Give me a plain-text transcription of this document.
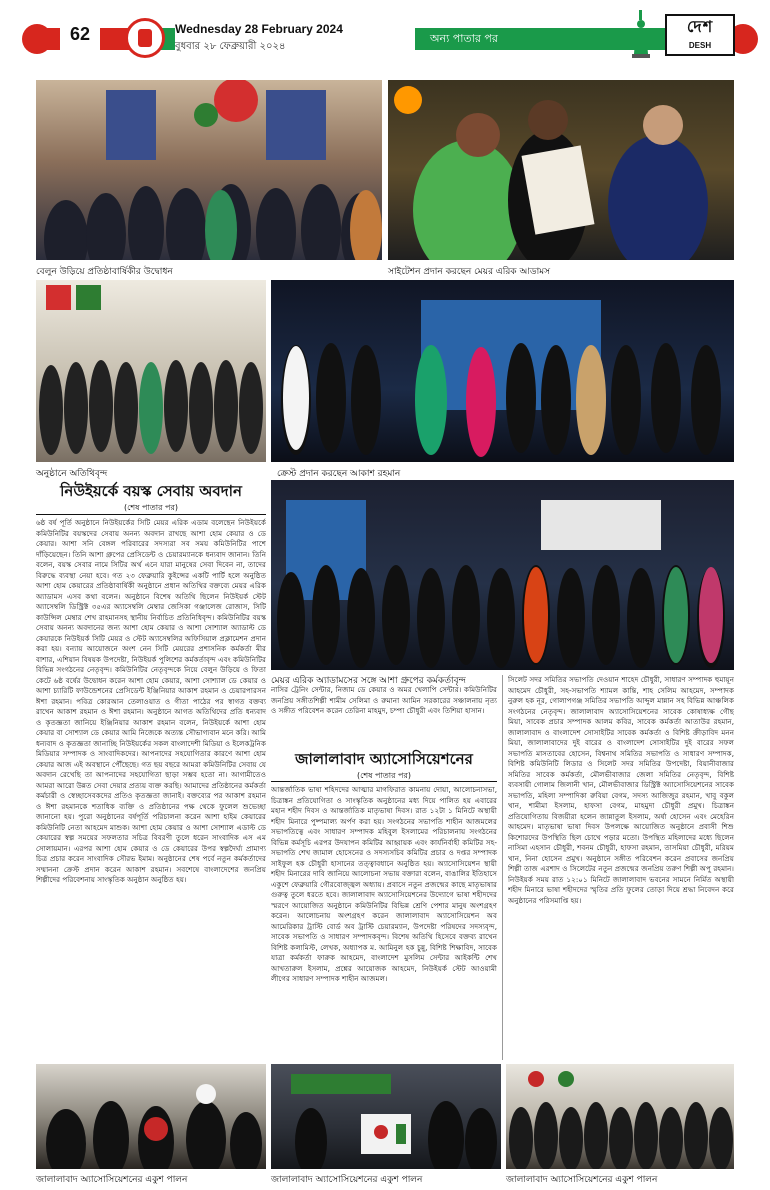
62	Wednesday 28 February 2024
বুধবার ২৮ ফেব্রুয়ারী ২০২৪
অন্য পাতার পর
দেশ
DESH
বেলুন উড়িয়ে প্রতিষ্ঠাবার্ষিকীর উদ্বোধন	সাইটেশন প্রদান করছেন মেয়র এরিক আডামস
অনুষ্ঠানে অতিথিবৃন্দ	ক্রেস্ট প্রদান করছেন আকাশ রহমান
নিউইয়র্কে বয়স্ক সেবায় অবদান
(শেষ পাতার পর)
৬ষ্ঠ বর্ষ পূর্তি অনুষ্ঠানে নিউইয়র্কের সিটি মেয়র এরিক এডাম বলেছেন নিউইয়র্কে কমিউনিটির বয়স্কদের সেবায় অনন্য অবদান রাখছে আশা হোম কেয়ার ও ডে কেয়ার। আশা সনি বেঙ্গল পরিবারের সদস্যরা সব সময় কমিউনিটির পাশে দাঁড়িয়েছেন। তিনি আশা গ্রুপের প্রেসিডেন্ট ও চেয়ারম্যানকে ধন্যবাদ জানান। তিনি বলেন, বয়স্ক সেবার নামে সিটির অর্থ এনে যারা মানুষের সেবা দিবেন না, তাদের বিরুদ্ধে ব্যবস্থা নেয়া হবে। গত ২৩ ফেব্রুয়ারি কুইন্সের একটি পার্টি হলে অনুষ্ঠিত আশা হোম কেয়ারের প্রতিষ্ঠাবার্ষিকী অনুষ্ঠানে প্রধান অতিথির বক্তব্যে মেয়র এরিক অ্যাডামস এসব কথা বলেন। অনুষ্ঠানে বিশেষ অতিথি ছিলেন নিউইয়র্ক স্টেট অ্যাসেম্বলি ডিস্ট্রিক্ট ৩৫এর অ্যাসেম্বলি মেম্বার জেসিকা গঞ্জালেজ রোজাস, সিটি কাউন্সিল মেম্বার শেখ রাহমানসহ স্থানীয় নির্বাচিত প্রতিনিধিবৃন্দ। কমিউনিটির বয়স্ক সেবায় অনন্য অবদানের জন্য আশা হোম কেয়ার ও আশা সোশ্যাল অ্যাডাল্ট ডে কেয়ারকে নিউইয়র্ক সিটি মেয়র ও স্টেট অ্যাসেম্বলির অফিসিয়াল প্রক্লামেশন প্রদান করা হয়। বন্যায় আয়োজনে অংশ নেন সিটি মেয়রের প্রশাসনিক কর্মকর্তা মীর বাশার, এশিয়ান বিষয়ক উপদেষ্টা, নিউইয়র্ক পুলিশের কর্মকর্তাবৃন্দ এবং কমিউনিটির বিভিন্ন সংগঠনের নেতৃবৃন্দ। কমিউনিটির নেতৃবৃন্দকে নিয়ে বেলুন উড়িয়ে ও ফিতা কেটে ৬ষ্ঠ বর্ষের উদ্বোধন করেন আশা হোম কেয়ার, আশা সোশ্যাল ডে কেয়ার ও আশা চ্যারিটি ফাউন্ডেশনের প্রেসিডেন্ট ইঞ্জিনিয়ার আকাশ রহমান ও চেয়ারপারসন ঈশা রহমান। পবিত্র কোরআন তেলাওয়াত ও গীতা পাঠের পর স্বাগত বক্তব্য রাখেন আকাশ রহমান ও ঈশা রহমান। অনুষ্ঠানে আগত অতিথিদের প্রতি ধন্যবাদ ও কৃতজ্ঞতা জানিয়ে ইঞ্জিনিয়ার আকাশ রহমান বলেন, নিউইয়র্কে আশা হোম কেয়ার বা সোশ্যাল ডে কেয়ার আমি নিজেকে অত্যন্ত সৌভাগ্যবান মনে করি। আমি ধন্যবাদ ও কৃতজ্ঞতা জানাচ্ছি নিউইয়র্কের সকল বাংলাদেশী মিডিয়া ও ইলেকট্রনিক মিডিয়ার সম্পাদক ও সাংবাদিকদের। আপনাদের সহযোগিতার কারণে আশা হোম কেয়ার আজ এই অবস্থানে পৌঁছেছে। গত ছয় বছরে আমরা কমিউনিটির সেবায় যে অবদান রেখেছি তা আপনাদের সহযোগিতা ছাড়া সম্ভব হতো না। আগামীতেও আমরা আরো উন্নত সেবা দেয়ার প্রত্যয় ব্যক্ত করছি। আমাদের প্রতিষ্ঠানের কর্মকর্তা কর্মচারী ও স্বেচ্ছাসেবকদের প্রতিও কৃতজ্ঞতা জানাই। বক্তব্যের পর আকাশ রহমান ও ঈশা রহমানকে শতাধিক ব্যক্তি ও প্রতিষ্ঠানের পক্ষ থেকে ফুলেল শুভেচ্ছা জানানো হয়। পুরো অনুষ্ঠানের বর্ষপূর্তি পরিচালনা করেন আশা হাইম কেয়ারের কমিউনিটি নেতা আহমেদ মাশুক। আশা হোম কেয়ার ও আশা সোশ্যাল এডাল্ট ডে কেয়ারের স্বল্প সময়ের সফলতার সচিত্র বিবরণী তুলে ধরেন সাংবাদিক এস এম সোলায়মান। এরপর আশা হোম কেয়ার ও ডে কেয়ারের উপর স্বল্পদৈর্ঘ্য প্রামাণ্য চিত্র প্রচার করেন সাংবাদিক সৌরভ ইমাম। অনুষ্ঠানের শেষ পর্বে নতুন কর্মকর্তাদের সম্মাননা ক্রেস্ট প্রদান করেন আকাশ রহমান। সবশেষে বাংলাদেশের জনপ্রিয় শিল্পীদের পরিবেশনায় সাংস্কৃতিক অনুষ্ঠান অনুষ্ঠিত হয়।
মেয়র এরিক অ্যাডামসের সঙ্গে আশা গ্রুপের কর্মকর্তাবৃন্দ
নাসির ট্রেনিং সেন্টার, নিজাম ডে কেয়ার ও অমর খেলাপি সেন্টার। কমিউনিটির জনপ্রিয় সঙ্গীতশিল্পী শামীম সেলিমা ও রুমানা আমিন সরকারের সঞ্চালনায় নৃত্য ও সঙ্গীত পরিবেশন করেন তেরিনা মাহমুদ, চম্পা চৌধুরী এবং তিশিয়া হাসান।
জালালাবাদ অ্যাসোসিয়েশনের
(শেষ পাতার পর)
আন্তর্জাতিক ভাষা শহিদদের আত্মার মাগফিরাত কামনায় দোয়া, আলোচনাসভা, চিত্রাঙ্কন প্রতিযোগিতা ও সাংস্কৃতিক অনুষ্ঠানের মধ্য দিয়ে পালিত হয় এবারের মহান শহীদ দিবস ও আন্তর্জাতিক মাতৃভাষা দিবস। রাত ১২টা ১ মিনিটে অস্থায়ী শহীদ মিনারে পুষ্পমাল্য অর্পণ করা হয়। সংগঠনের সভাপতি শাহীন আজমলের সভাপতিত্বে এবং সাধারণ সম্পাদক মহিবুল ইসলামের পরিচালনায় সংগঠনের বিভিন্ন কর্মসূচি এরপর উদযাপন কমিটির আহ্বায়ক এবং কার্যনির্বাহী কমিটির সহ-সভাপতি শেখ জামাল হোসেনের ও সদস্যসচিব কমিটির প্রচার ও দপ্তর সম্পাদক সাইফুল হক চৌধুরী হাসানের তত্ত্বাবধানে অনুষ্ঠিত হয়। অ্যাসোসিয়েশন স্থায়ী শহীদ মিনারের দাবি জানিয়ে আলোচনা সভায় বক্তারা বলেন, বাঙালির ইতিহাসে একুশে ফেব্রুয়ারি গৌরবোজ্জ্বল অধ্যায়। প্রবাসে নতুন প্রজন্মের কাছে মাতৃভাষার গুরুত্ব তুলে ধরতে হবে। জালালাবাদ অ্যাসোসিয়েশনের উদ্যোগে ভাষা শহীদদের স্মরণে আয়োজিত অনুষ্ঠানে কমিউনিটির বিভিন্ন শ্রেণি পেশার মানুষ অংশগ্রহণ করেন। আলোচনায় অংশগ্রহণ করেন জালালাবাদ অ্যাসোসিয়েশন অব আমেরিকার ট্রাস্টি বোর্ড অব ট্রাস্টি চেয়ারম্যান, উপদেষ্টা পরিষদের সদস্যবৃন্দ, সাবেক সভাপতি ও সাধারণ সম্পাদকবৃন্দ। বিশেষ অতিথি হিসেবে বক্তব্য রাখেন বিশিষ্ট কলামিস্ট, লেখক, অধ্যাপক ম. আমিনুল হক চুন্নু, বিশিষ্ট শিক্ষাবিদ, সাবেক যাত্রা কর্মকর্তা ফারুক আহমেদ, বাংলাদেশ মুসলিম সেন্টার আইকন্টি শেখ আখতারুল ইসলাম, প্রশ্নের আয়োজক আহমেদ, নিউইয়র্ক স্টেট আওয়ামী লীগের সাধারণ সম্পাদক শাহীন আজমল।
সিলেট সদর সমিতির সভাপতি দেওয়ান শাহেদ চৌধুরী, সাধারণ সম্পাদক হুমায়ূন আহমেদ চৌধুরী, সহ-সভাপতি শ্যামল কান্তি, শাহ সেলিম আহমেদ, সম্পাদক নুরুল হক নূর, গোলাপগঞ্জ সমিতির সভাপতি আব্দুল মান্নান সহ বিভিন্ন আঞ্চলিক সংগঠনের নেতৃবৃন্দ। জালালাবাদ অ্যাসোসিয়েশনের সাবেক কোষাধ্যক্ষ গৌছ মিয়া, সাবেক প্রচার সম্পাদক আলম কবির, সাবেক কর্মকর্তা আতাউর রহমান, জালালাবাদ ও বাংলাদেশ সোসাইটির সাবেক কর্মকর্তা ও বিশিষ্ট ক্রীড়াবিদ মনন মিয়া, জালালাবাদের দুই বারের ও বাংলাদেশ সোসাইটির দুই বারের সফল সভাপতি মাসতাবের হোসেন, বিশ্বনাথ সমিতির সভাপতি ও সাধারণ সম্পাদক, বিশিষ্ট কমিউনিটি লিডার ও সিলেট সদর সমিতির উপদেষ্টা, বিয়ানীবাজার সমিতির সাবেক কর্মকর্তা, মৌলভীবাজার জেলা সমিতির নেতৃবৃন্দ, বিশিষ্ট ব্যবসায়ী গোলাম জিলানী খান, মৌলভীবাজার ডিস্ট্রিক্ট অ্যাসোসিয়েশনের সাবেক সভাপতি, মহিলা সম্পাদিকা রুবিয়া বেগম, সদস্য আজিজুর রহমান, খাবু বকুল খান, শামীমা ইসলাম, হাফসা বেগম, মাহমুদা চৌধুরী প্রমুখ। চিত্রাঙ্কন প্রতিযোগিতায় বিজয়ীরা হলেন জান্নাতুল ইসলাম, অর্ষা হোসেন এবং মেহেরিন আহমেদ। মাতৃভাষা ভাষা দিবস উপলক্ষে আয়োজিত অনুষ্ঠানে প্রবাসী শিশু কিশোরদের উপস্থিতি ছিল চোখে পড়ার মতো। উপস্থিত মহিলাদের মধ্যে ছিলেন নাসিমা এহসান চৌধুরী, শবনম চৌধুরী, হাফসা রহমান, তাসমিয়া চৌধুরী, মরিয়ম খান, নিনা হোসেন প্রমুখ। অনুষ্ঠানে সঙ্গীত পরিবেশন করেন প্রবাসের জনপ্রিয় শিল্পী তাজ এরশাদ ও সিলেটের নতুন প্রজন্মের জনপ্রিয় তরুণ শিল্পী অপু রহমান। নিউইয়র্ক সময় রাত ১২:০১ মিনিটে জালালাবাদ ভবনের সামনে নির্মিত অস্থায়ী শহীদ মিনারে ভাষা শহীদদের স্মৃতির প্রতি ফুলের তোড়া দিয়ে শ্রদ্ধা নিবেদন করে অনুষ্ঠানের পরিসমাপ্তি হয়।
জালালাবাদ অ্যাসোসিয়েশনের একুশ পালন	জালালাবাদ অ্যাসোসিয়েশনের একুশ পালন	জালালাবাদ অ্যাসোসিয়েশনের একুশ পালন
